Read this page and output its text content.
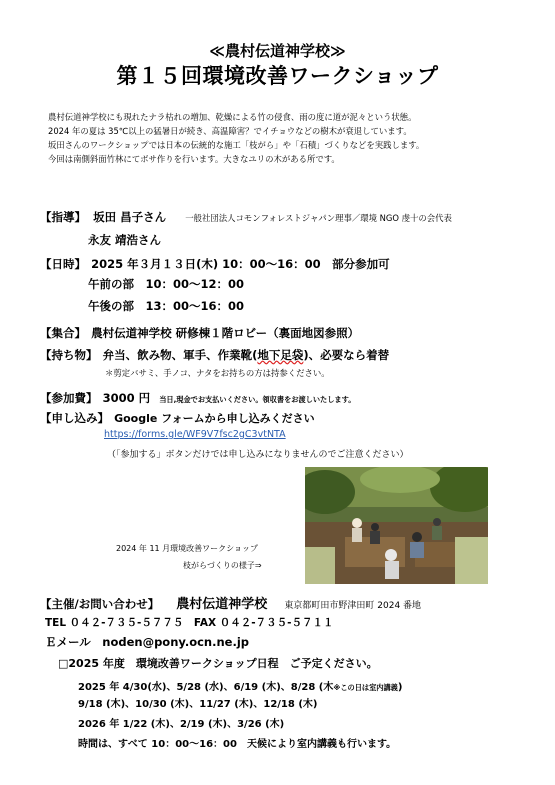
≪農村伝道神学校≫
第１５回環境改善ワークショップ
農村伝道神学校にも現れたナラ枯れの増加、乾燥による竹の侵食、雨の度に道が泥々という状態。
2024 年の夏は 35℃以上の猛暑日が続き、高温障害？でイチョウなどの樹木が衰退しています。
坂田さんのワークショップでは日本の伝統的な施工「枝がら」や「石積」づくりなどを実践します。
今回は南側斜面竹林にてボサ作りを行います。大きなユリの木がある所です。
【指導】 坂田 昌子さん 一般社団法人コモンフォレストジャパン理事／環境 NGO 虔十の会代表
永友 靖浩さん
【日時】 2025 年３月１３日(木) 10：00～16：00　部分参加可
午前の部　10：00～12：00
午後の部　13：00～16：00
【集合】 農村伝道神学校 研修棟１階ロビー（裏面地図参照）
【持ち物】 弁当、飲み物、軍手、作業靴(地下足袋)、必要なら着替
＊剪定バサミ、手ノコ、ナタをお持ちの方は持参ください。
【参加費】 3000 円 当日,現金でお支払いください。領収書をお渡しいたします。
【申し込み】 Google フォームから申し込みください
https://forms.gle/WF9V7fsc2gC3vtNTA
（「参加する」ボタンだけでは申し込みになりませんのでご注意ください）
2024 年 11 月環境改善ワークショップ
枝がらづくりの様子⇒
【主催/お問い合わせ】 農村伝道神学校 東京都町田市野津田町 2024 番地
TEL ０４２-７３５-５７７５　FAX ０４２-７３５-５７１１
Ｅメール　noden@pony.ocn.ne.jp
□2025 年度　環境改善ワークショップ日程　ご予定ください。
2025 年 4/30(水)、5/28 (水)、6/19 (木)、8/28 (木※この日は室内講義)
9/18 (木)、10/30 (木)、11/27 (木)、12/18 (木)
2026 年 1/22 (木)、2/19 (木)、3/26 (木)
時間は、すべて 10：00～16：00　天候により室内講義も行います。
